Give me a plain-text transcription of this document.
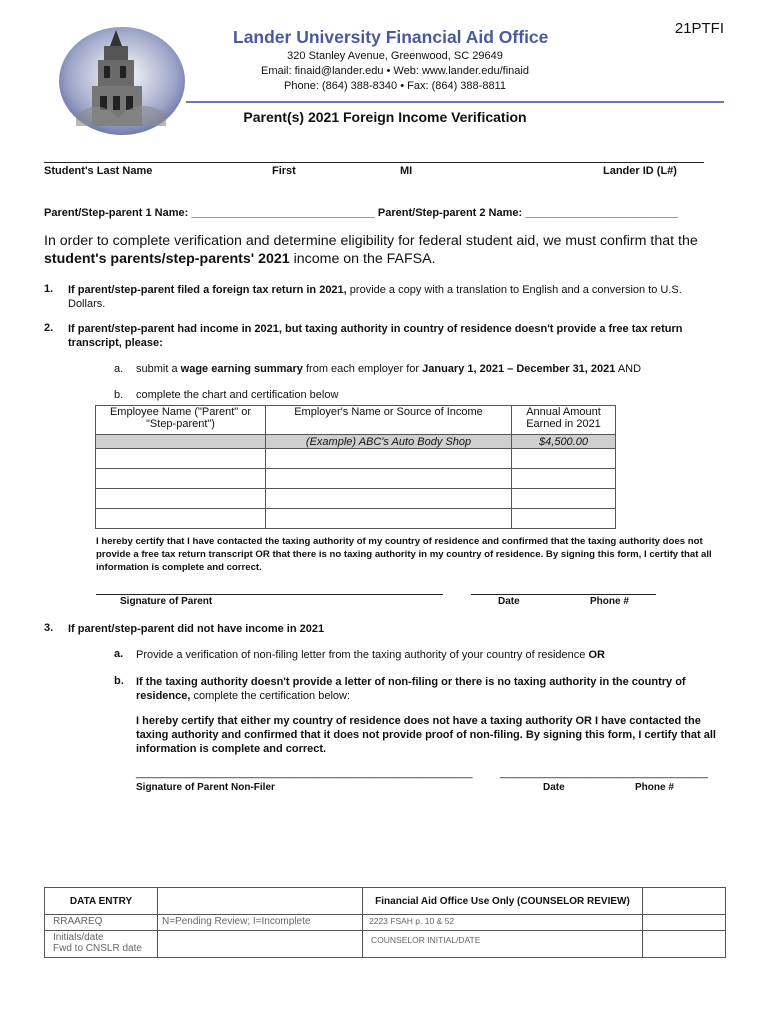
21PTFI
Lander University Financial Aid Office
320 Stanley Avenue, Greenwood, SC 29649
Email: finaid@lander.edu • Web: www.lander.edu/finaid
Phone: (864) 388-8340 • Fax: (864) 388-8811
Parent(s) 2021 Foreign Income Verification
Student's Last Name	First	MI	Lander ID (L#)
Parent/Step-parent 1 Name: ______________________________ Parent/Step-parent 2 Name: _________________________
In order to complete verification and determine eligibility for federal student aid, we must confirm that the student's parents/step-parents' 2021 income on the FAFSA.
1. If parent/step-parent filed a foreign tax return in 2021, provide a copy with a translation to English and a conversion to U.S. Dollars.
2. If parent/step-parent had income in 2021, but taxing authority in country of residence doesn't provide a free tax return transcript, please:
a. submit a wage earning summary from each employer for January 1, 2021 – December 31, 2021 AND
b. complete the chart and certification below
Employee Name ("Parent" or "Step-parent")	Employer's Name or Source of Income	Annual Amount Earned in 2021
	(Example) ABC's Auto Body Shop	$4,500.00

I hereby certify that I have contacted the taxing authority of my country of residence and confirmed that the taxing authority does not provide a free tax return transcript OR that there is no taxing authority in my country of residence. By signing this form, I certify that all information is complete and correct.
Signature of Parent	Date	Phone #
3. If parent/step-parent did not have income in 2021
a. Provide a verification of non-filing letter from the taxing authority of your country of residence OR
b. If the taxing authority doesn't provide a letter of non-filing or there is no taxing authority in the country of residence, complete the certification below:
I hereby certify that either my country of residence does not have a taxing authority OR I have contacted the taxing authority and confirmed that it does not provide proof of non-filing. By signing this form, I certify that all information is complete and correct.
_______________________________________________________	__________________________________
Signature of Parent Non-Filer	Date	Phone #
DATA ENTRY		Financial Aid Office Use Only (COUNSELOR REVIEW)	
RRAAREQ	N=Pending Review; I=Incomplete	2223 FSAH p. 10 & 52	

Initials/date
Fwd to CNSLR date		COUNSELOR INITIAL/DATE	
